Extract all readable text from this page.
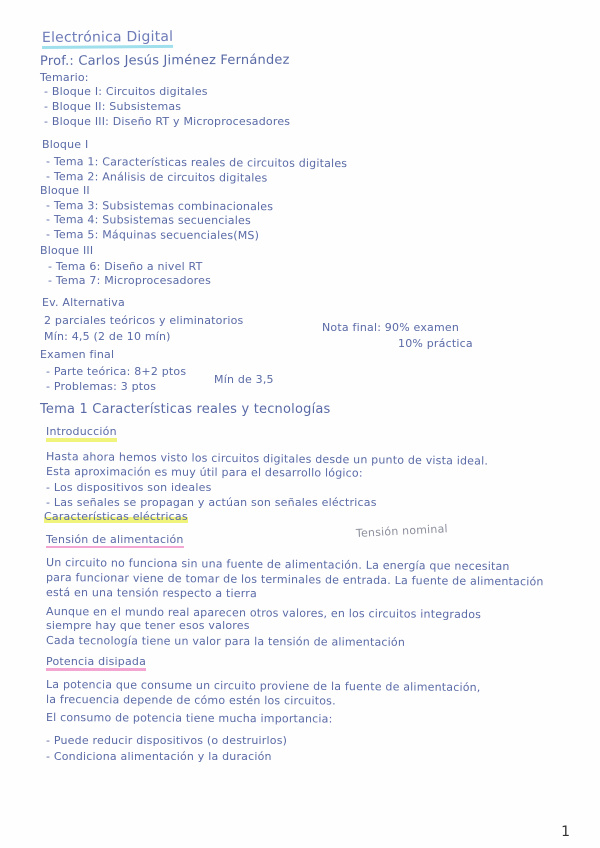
Electrónica Digital
Prof.: Carlos Jesús Jiménez Fernández
Temario:
- Bloque I: Circuitos digitales
- Bloque II: Subsistemas
- Bloque III: Diseño RT y Microprocesadores
Bloque I
- Tema 1: Características reales de circuitos digitales
- Tema 2: Análisis de circuitos digitales
Bloque II
- Tema 3: Subsistemas combinacionales
- Tema 4: Subsistemas secuenciales
- Tema 5: Máquinas secuenciales(MS)
Bloque III
- Tema 6: Diseño a nivel RT
- Tema 7: Microprocesadores
Ev. Alternativa
2 parciales teóricos y eliminatorios
Mín: 4,5 (2 de 10 mín)
Nota final: 90% examen
10% práctica
Examen final
- Parte teórica: 8+2 ptos
- Problemas: 3 ptos
Mín de 3,5
Tema 1 Características reales y tecnologías
Introducción
Hasta ahora hemos visto los circuitos digitales desde un punto de vista ideal.
Esta aproximación es muy útil para el desarrollo lógico:
- Los dispositivos son ideales
- Las señales se propagan y actúan son señales eléctricas
Características eléctricas
Tensión de alimentación	Tensión nominal
Un circuito no funciona sin una fuente de alimentación. La energía que necesitan
para funcionar viene de tomar de los terminales de entrada. La fuente de alimentación
está en una tensión respecto a tierra
Aunque en el mundo real aparecen otros valores, en los circuitos integrados
siempre hay que tener esos valores
Cada tecnología tiene un valor para la tensión de alimentación
Potencia disipada
La potencia que consume un circuito proviene de la fuente de alimentación,
la frecuencia depende de cómo estén los circuitos.
El consumo de potencia tiene mucha importancia:
- Puede reducir dispositivos (o destruirlos)
- Condiciona alimentación y la duración
1
